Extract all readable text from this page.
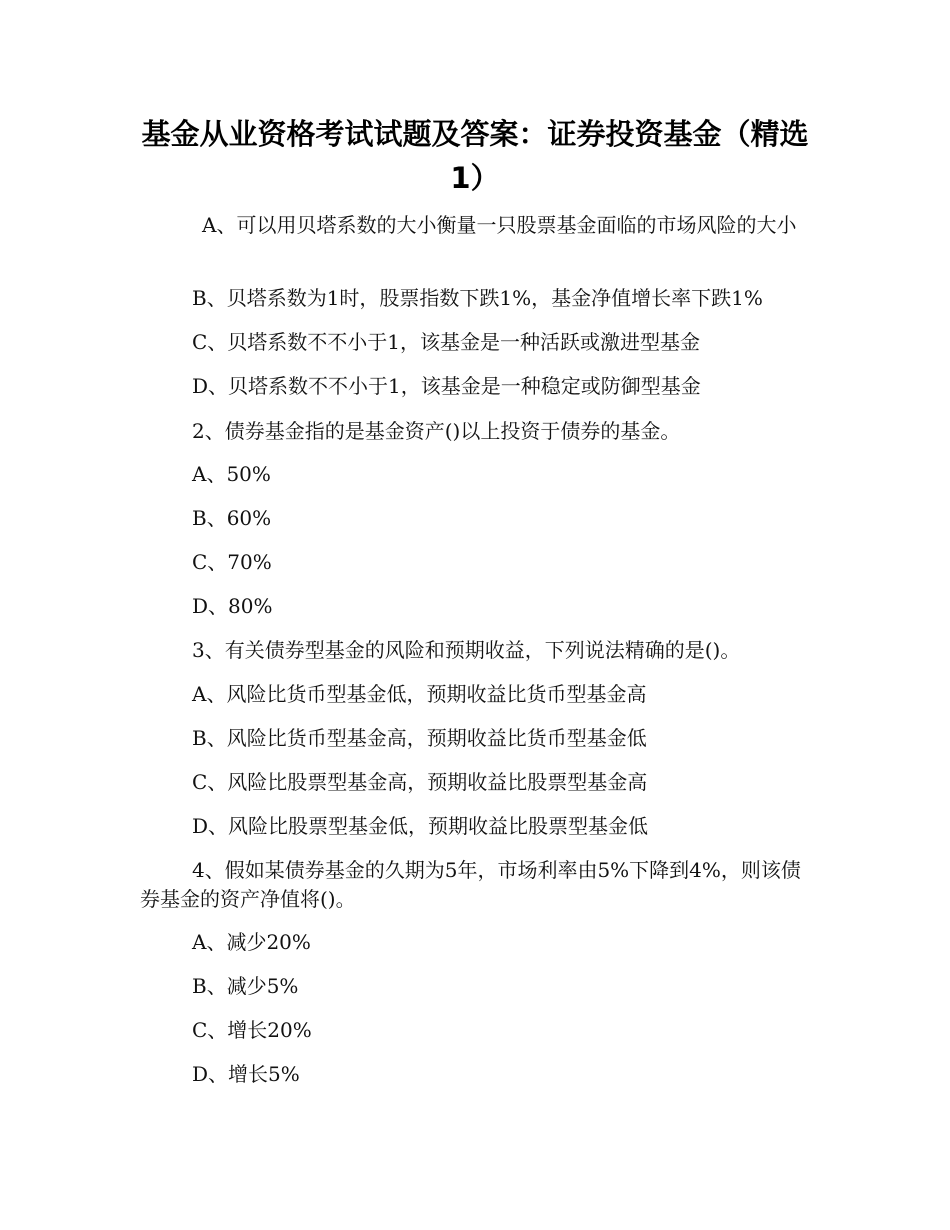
基金从业资格考试试题及答案：证券投资基金（精选1）

A、可以用贝塔系数的大小衡量一只股票基金面临的市场风险的大小

B、贝塔系数为1时，股票指数下跌1%，基金净值增长率下跌1%

C、贝塔系数不不小于1，该基金是一种活跃或激进型基金

D、贝塔系数不不小于1，该基金是一种稳定或防御型基金

2、债券基金指的是基金资产()以上投资于债券的基金。

A、50%

B、60%

C、70%

D、80%

3、有关债券型基金的风险和预期收益，下列说法精确的是()。

A、风险比货币型基金低，预期收益比货币型基金高

B、风险比货币型基金高，预期收益比货币型基金低

C、风险比股票型基金高，预期收益比股票型基金高

D、风险比股票型基金低，预期收益比股票型基金低

4、假如某债券基金的久期为5年，市场利率由5%下降到4%，则该债券基金的资产净值将()。

A、减少20%

B、减少5%

C、增长20%

D、增长5%
